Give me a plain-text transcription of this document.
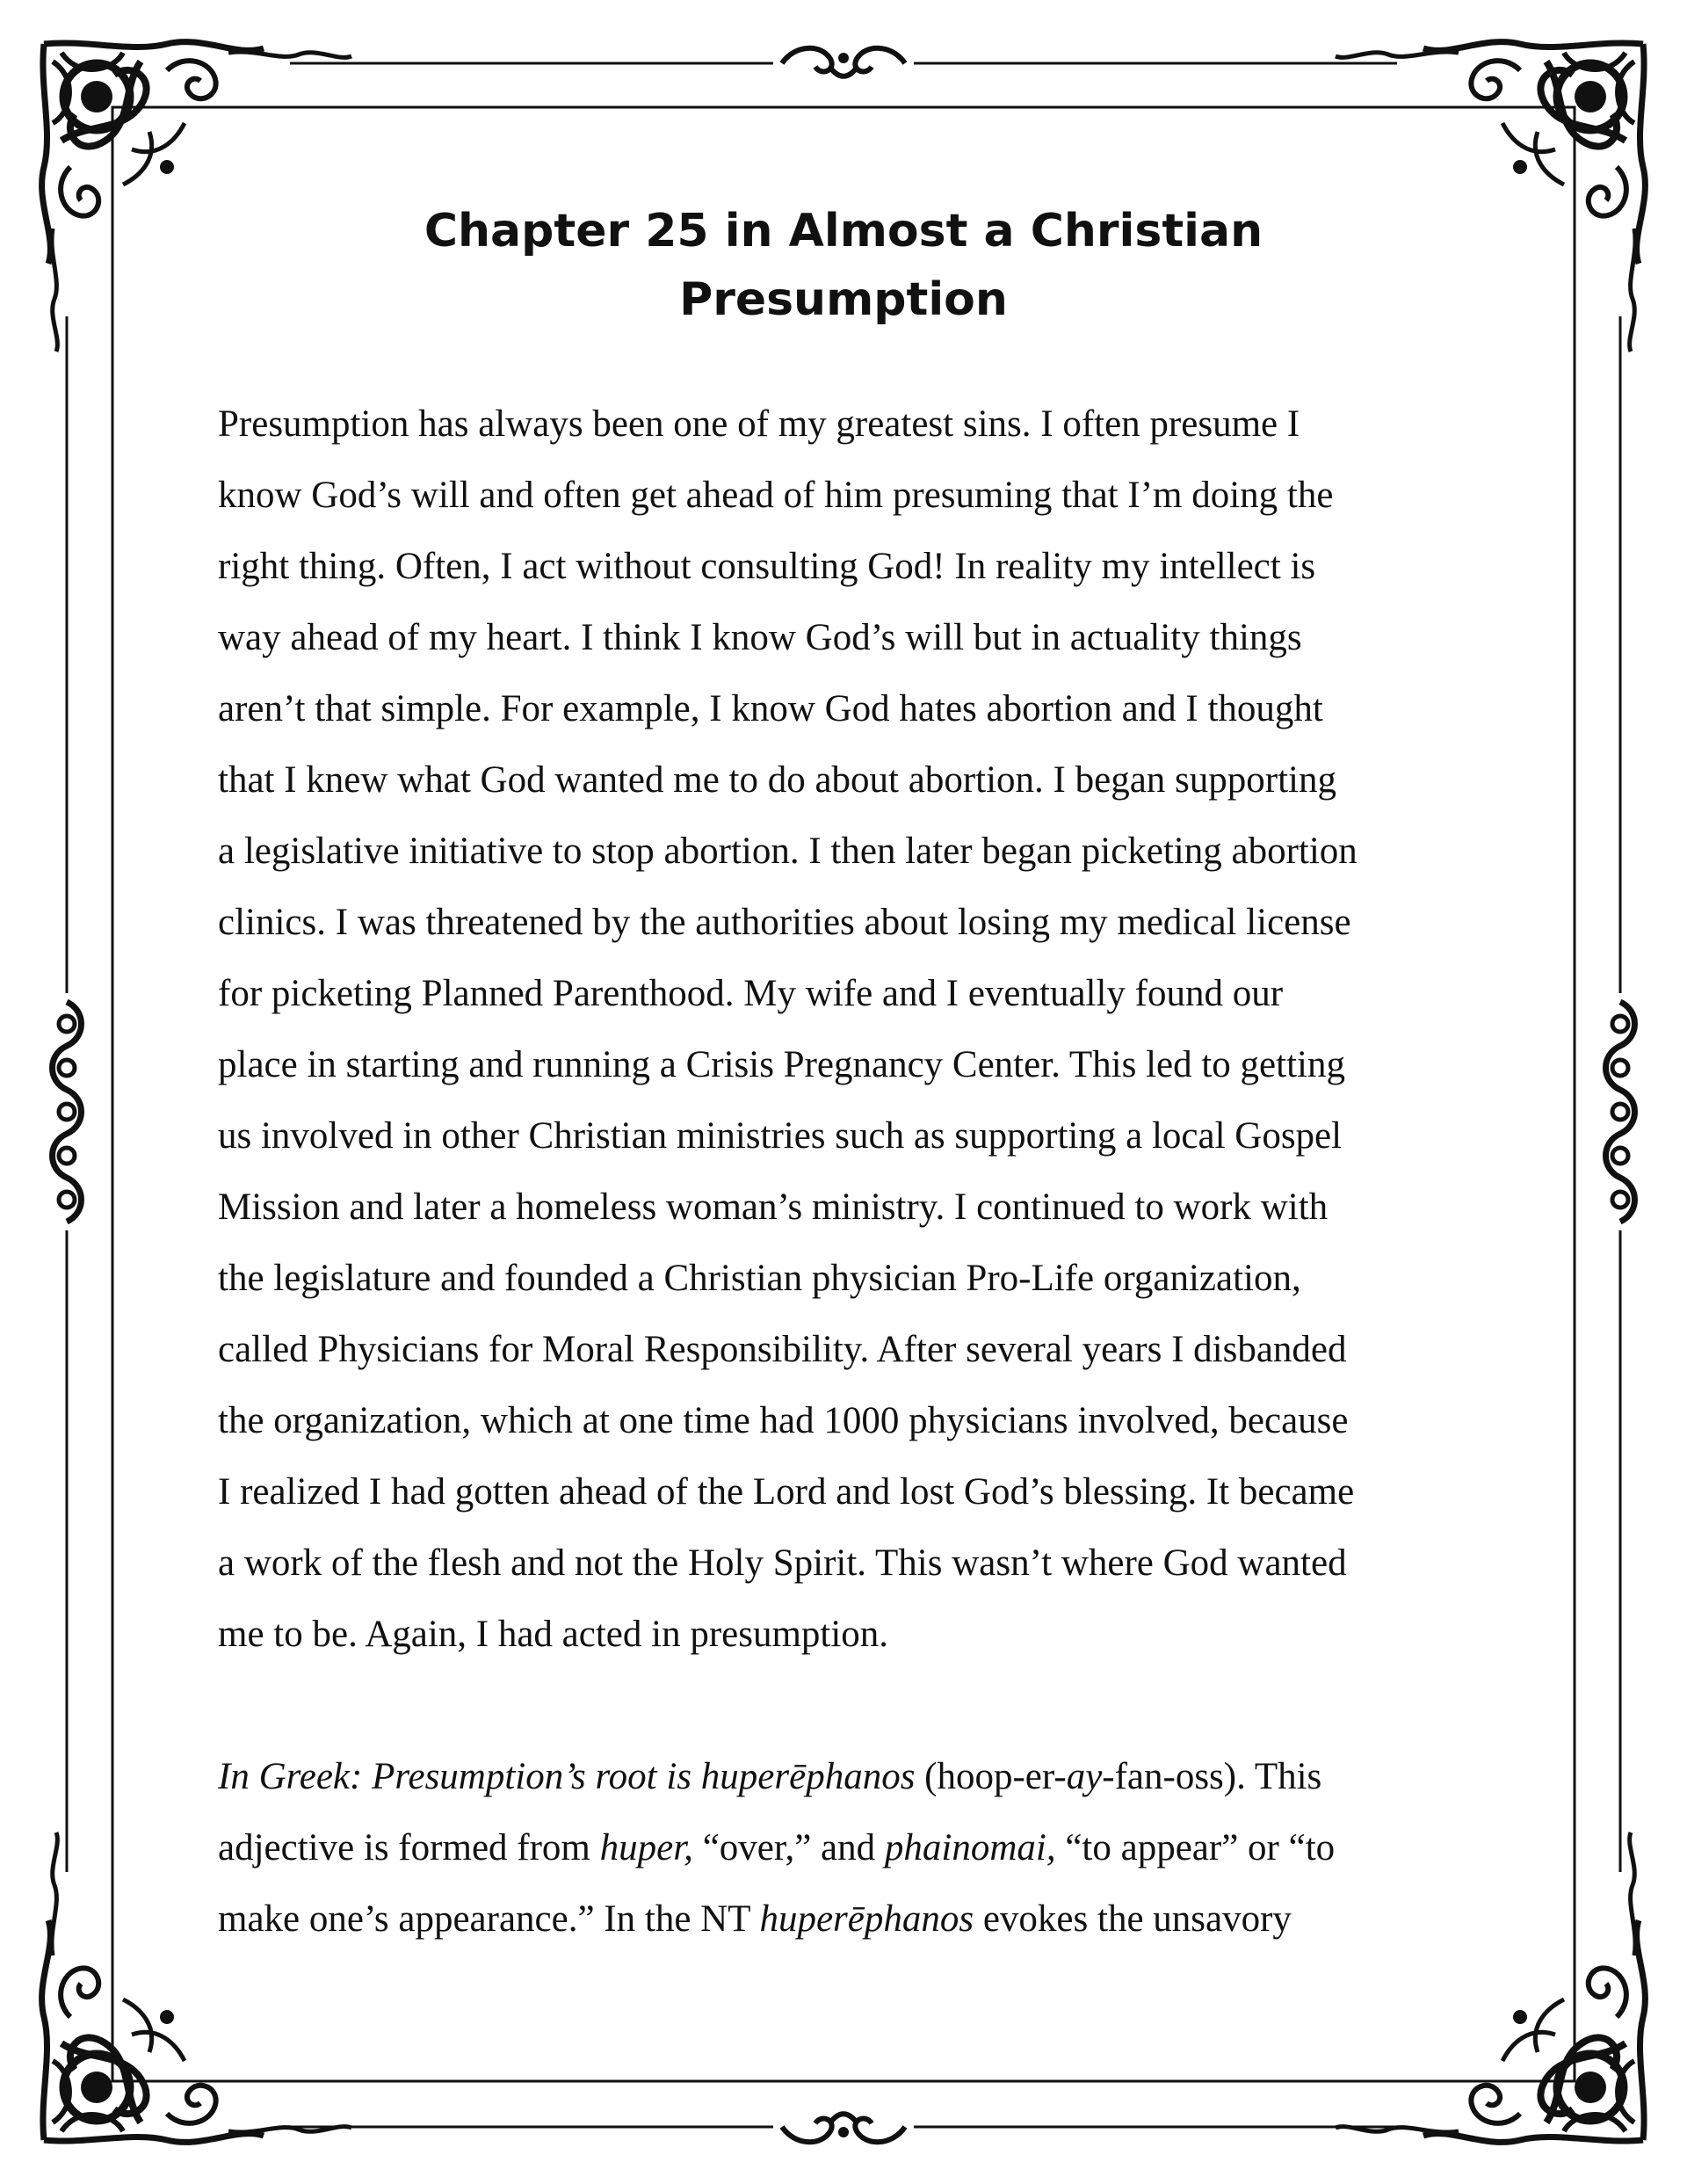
Chapter 25 in Almost a Christian
Presumption
Presumption has always been one of my greatest sins. I often presume I
know God’s will and often get ahead of him presuming that I’m doing the
right thing. Often, I act without consulting God! In reality my intellect is
way ahead of my heart. I think I know God’s will but in actuality things
aren’t that simple. For example, I know God hates abortion and I thought
that I knew what God wanted me to do about abortion. I began supporting
a legislative initiative to stop abortion. I then later began picketing abortion
clinics. I was threatened by the authorities about losing my medical license
for picketing Planned Parenthood. My wife and I eventually found our
place in starting and running a Crisis Pregnancy Center. This led to getting
us involved in other Christian ministries such as supporting a local Gospel
Mission and later a homeless woman’s ministry. I continued to work with
the legislature and founded a Christian physician Pro-Life organization,
called Physicians for Moral Responsibility. After several years I disbanded
the organization, which at one time had 1000 physicians involved, because
I realized I had gotten ahead of the Lord and lost God’s blessing. It became
a work of the flesh and not the Holy Spirit. This wasn’t where God wanted
me to be. Again, I had acted in presumption.
In Greek: Presumption’s root is huperēphanos (hoop-er-ay-fan-oss). This
adjective is formed from huper, “over,” and phainomai, “to appear” or “to
make one’s appearance.” In the NT huperēphanos evokes the unsavory
